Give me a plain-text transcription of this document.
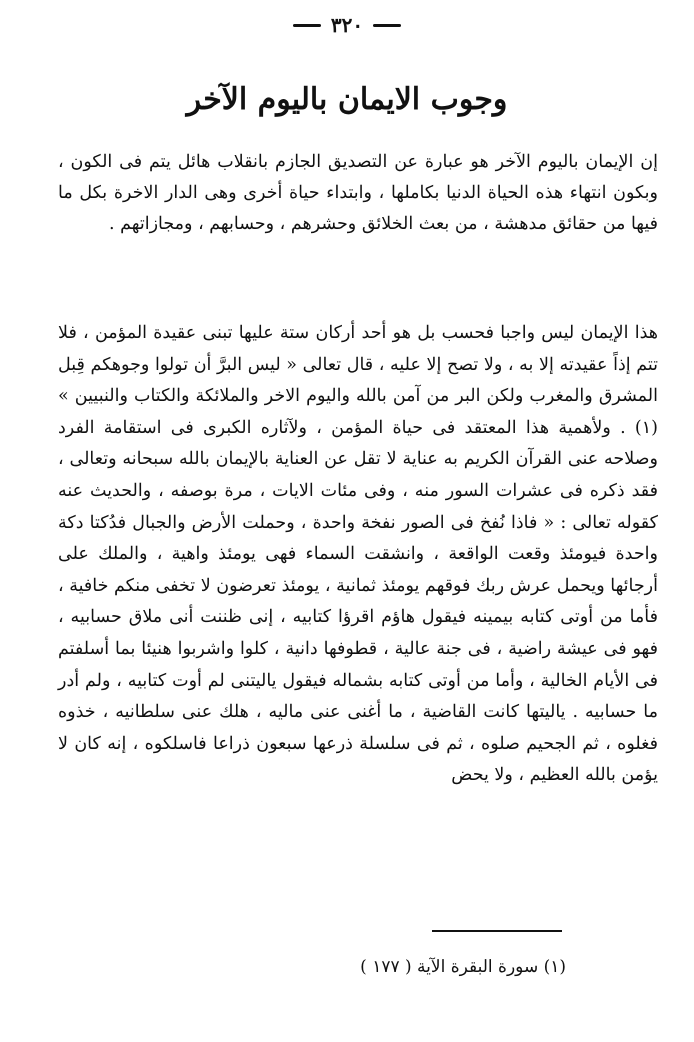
٣٢٠
وجوب الايمان باليوم الآخر

إن الإيمان باليوم الآخر هو عبارة عن التصديق الجازم بانقلاب هائل يتم فى الكون ، وبكون انتهاء هذه الحياة الدنيا بكاملها ، وابتداء حياة أخرى وهى الدار الاخرة بكل ما فيها من حقائق مدهشة ، من بعث الخلائق وحشرهم ، وحسابهم ، ومجازاتهم .

هذا الإيمان ليس واجبا فحسب بل هو أحد أركان ستة عليها تبنى عقيدة المؤمن ، فلا تتم إذاً عقيدته إلا به ، ولا تصح إلا عليه ، قال تعالى « ليس البرَّ أن تولوا وجوهكم قِبل المشرق والمغرب ولكن البر من آمن بالله واليوم الاخر والملائكة والكتاب والنبيين » (١) . ولأهمية هذا المعتقد فى حياة المؤمن ، ولآثاره الكبرى فى استقامة الفرد وصلاحه عنى القرآن الكريم به عناية لا تقل عن العناية بالإيمان بالله سبحانه وتعالى ، فقد ذكره فى عشرات السور منه ، وفى مئات الايات ، مرة بوصفه ، والحديث عنه كقوله تعالى : « فاذا نُفخ فى الصور نفخة واحدة ، وحملت الأرض والجبال فدُكتا دكة واحدة فيومئذ وقعت الواقعة ، وانشقت السماء فهى يومئذ واهية ، والملك على أرجائها ويحمل عرش ربك فوقهم يومئذ ثمانية ، يومئذ تعرضون لا تخفى منكم خافية ، فأما من أوتى كتابه بيمينه فيقول هاؤم اقرؤا كتابيه ، إنى ظننت أنى ملاق حسابيه ، فهو فى عيشة راضية ، فى جنة عالية ، قطوفها دانية ، كلوا واشربوا هنيئا بما أسلفتم فى الأيام الخالية ، وأما من أوتى كتابه بشماله فيقول ياليتنى لم أوت كتابيه ، ولم أدر ما حسابيه . ياليتها كانت القاضية ، ما أغنى عنى ماليه ، هلك عنى سلطانيه ، خذوه فغلوه ، ثم الجحيم صلوه ، ثم فى سلسلة ذرعها سبعون ذراعا فاسلكوه ، إنه كان لا يؤمن بالله العظيم ، ولا يحض

(١) سورة البقرة الآية ( ١٧٧ )
